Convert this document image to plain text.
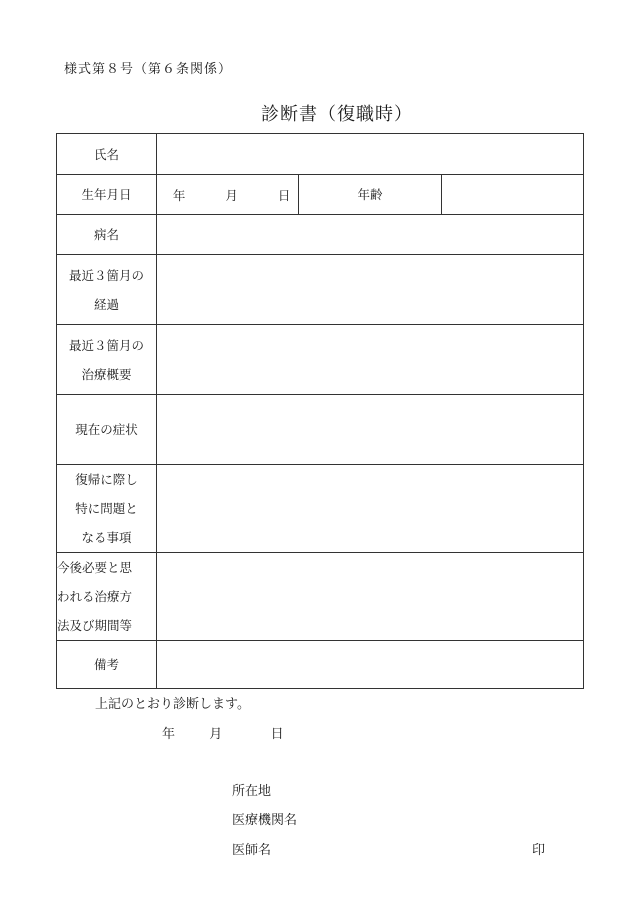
様式第８号（第６条関係）
診断書（復職時）
氏名			
生年月日	年 月 日	年齢	
病名			

最近３箇月の
経過			

最近３箇月の
治療概要			

現在の症状			

復帰に際し
特に問題と
なる事項			

今後必要と思
われる治療方
法及び期間等			

備考			
上記のとおり診断します。
年	月	日
所在地
医療機関名
医師名	印
